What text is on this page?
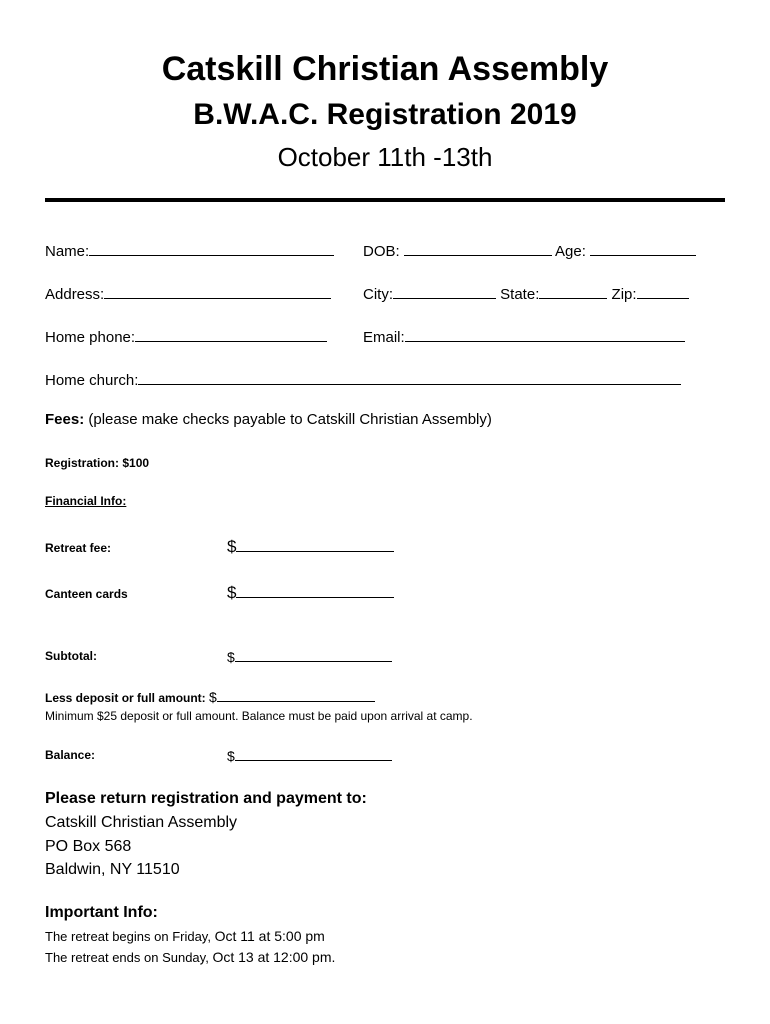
Catskill Christian Assembly
B.W.A.C. Registration 2019
October 11th -13th
Name:	DOB:	Age:
Address:	City:	State:	Zip:
Home phone:	Email:
Home church:
Fees: (please make checks payable to Catskill Christian Assembly)
Registration: $100
Financial Info:
Retreat fee:	$
Canteen cards	$
Subtotal:	$
Less deposit or full amount: $
Minimum $25 deposit or full amount. Balance must be paid upon arrival at camp.
Balance:	$
Please return registration and payment to:
Catskill Christian Assembly
PO Box 568
Baldwin, NY 11510
Important Info:
The retreat begins on Friday, Oct 11 at 5:00 pm
The retreat ends on Sunday, Oct 13 at 12:00 pm.
